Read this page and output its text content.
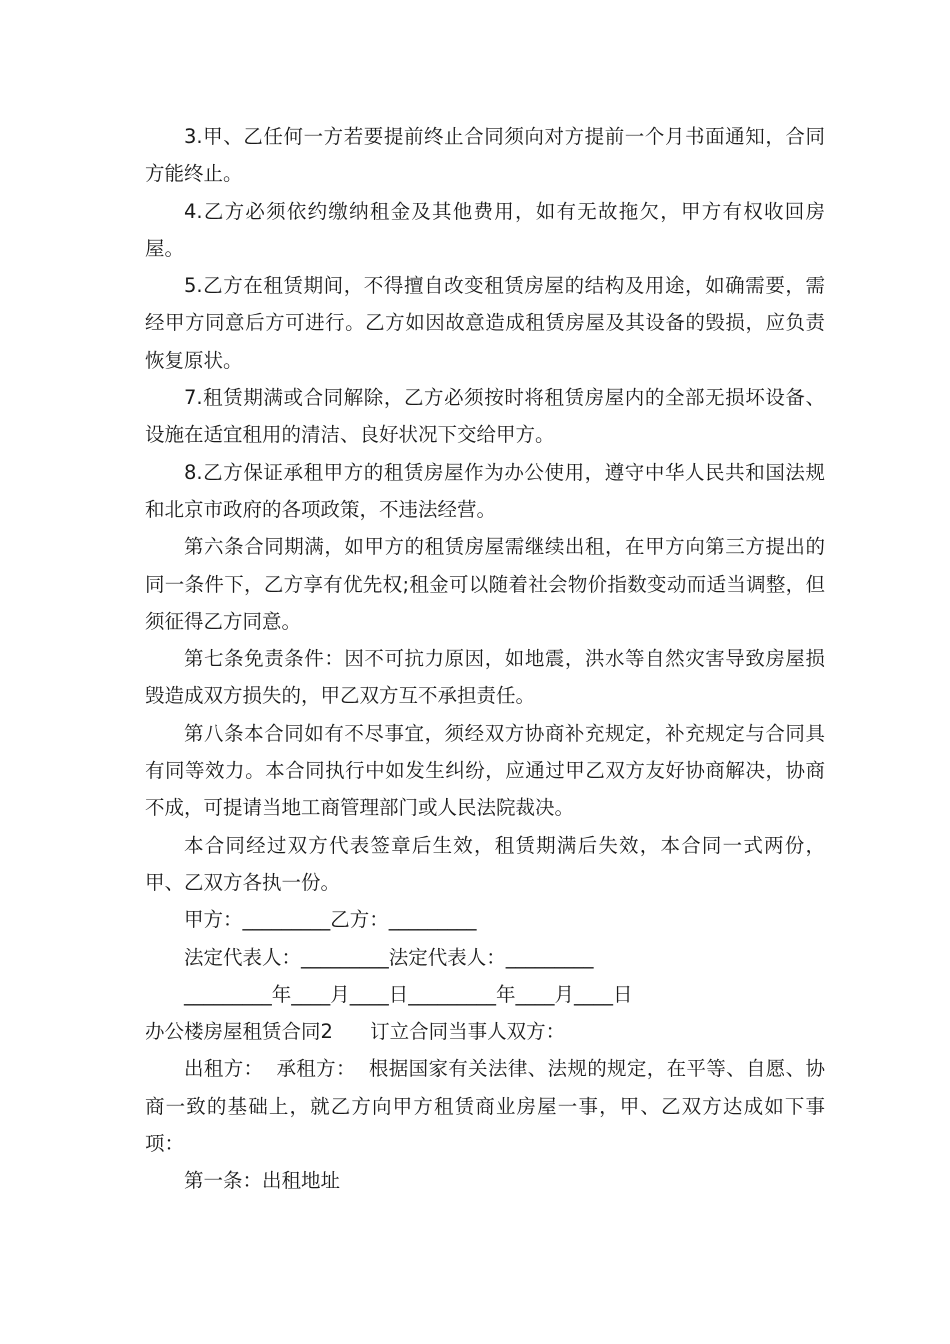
3.甲、乙任何一方若要提前终止合同须向对方提前一个月书面通知，合同方能终止。

4.乙方必须依约缴纳租金及其他费用，如有无故拖欠，甲方有权收回房屋。

5.乙方在租赁期间，不得擅自改变租赁房屋的结构及用途，如确需要，需经甲方同意后方可进行。乙方如因故意造成租赁房屋及其设备的毁损，应负责恢复原状。

7.租赁期满或合同解除，乙方必须按时将租赁房屋内的全部无损坏设备、设施在适宜租用的清洁、良好状况下交给甲方。

8.乙方保证承租甲方的租赁房屋作为办公使用，遵守中华人民共和国法规和北京市政府的各项政策，不违法经营。

第六条合同期满，如甲方的租赁房屋需继续出租，在甲方向第三方提出的同一条件下，乙方享有优先权;租金可以随着社会物价指数变动而适当调整，但须征得乙方同意。

第七条免责条件：因不可抗力原因，如地震，洪水等自然灾害导致房屋损毁造成双方损失的，甲乙双方互不承担责任。

第八条本合同如有不尽事宜，须经双方协商补充规定，补充规定与合同具有同等效力。本合同执行中如发生纠纷，应通过甲乙双方友好协商解决，协商不成，可提请当地工商管理部门或人民法院裁决。

本合同经过双方代表签章后生效，租赁期满后失效，本合同一式两份，甲、乙双方各执一份。

甲方：_________乙方：_________

法定代表人：_________法定代表人：_________

_________年____月____日_________年____月____日

办公楼房屋租赁合同2      订立合同当事人双方：

出租方：  承租方：  根据国家有关法律、法规的规定，在平等、自愿、协商一致的基础上，就乙方向甲方租赁商业房屋一事，甲、乙双方达成如下事项：

第一条：出租地址
